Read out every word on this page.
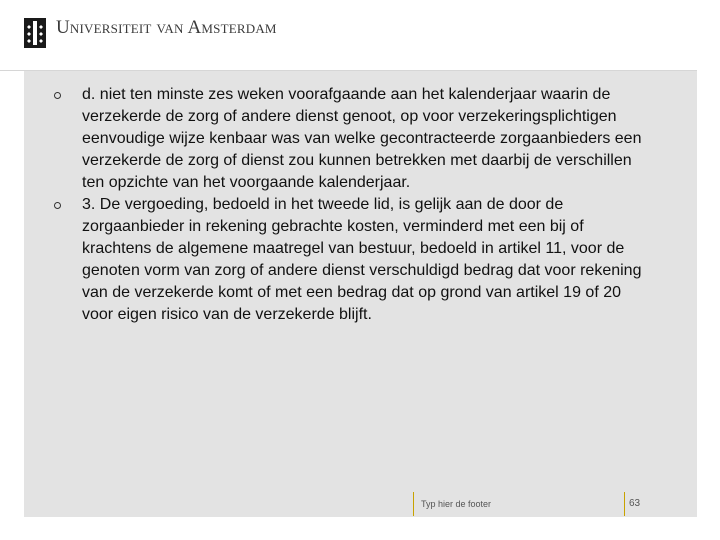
Universiteit van Amsterdam
d. niet ten minste zes weken voorafgaande aan het kalenderjaar waarin de verzekerde de zorg of andere dienst genoot, op voor verzekeringsplichtigen eenvoudige wijze kenbaar was van welke gecontracteerde zorgaanbieders een verzekerde de zorg of dienst zou kunnen betrekken met daarbij de verschillen ten opzichte van het voorgaande kalenderjaar.
3. De vergoeding, bedoeld in het tweede lid, is gelijk aan de door de zorgaanbieder in rekening gebrachte kosten, verminderd met een bij of krachtens de algemene maatregel van bestuur, bedoeld in artikel 11, voor de genoten vorm van zorg of andere dienst verschuldigd bedrag dat voor rekening van de verzekerde komt of met een bedrag dat op grond van artikel 19 of 20 voor eigen risico van de verzekerde blijft.
Typ hier de footer	63
